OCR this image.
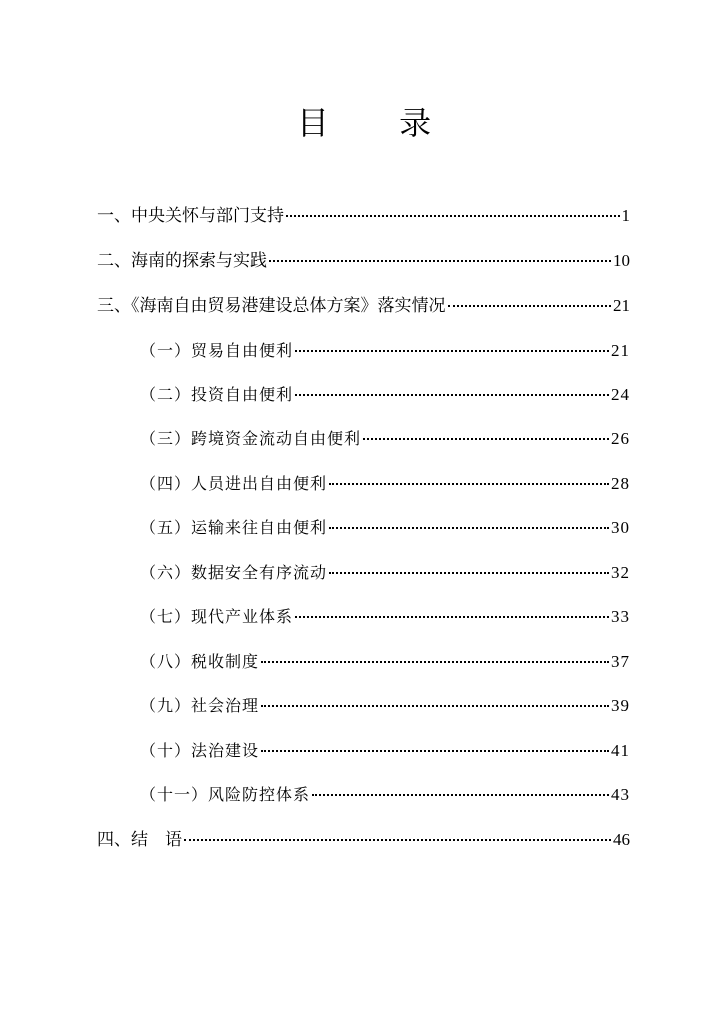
目 录
一、中央关怀与部门支持	1
二、海南的探索与实践	10
三、《海南自由贸易港建设总体方案》落实情况	21
（一）贸易自由便利	21
（二）投资自由便利	24
（三）跨境资金流动自由便利	26
（四）人员进出自由便利	28
（五）运输来往自由便利	30
（六）数据安全有序流动	32
（七）现代产业体系	33
（八）税收制度	37
（九）社会治理	39
（十）法治建设	41
（十一）风险防控体系	43
四、结　语	46
